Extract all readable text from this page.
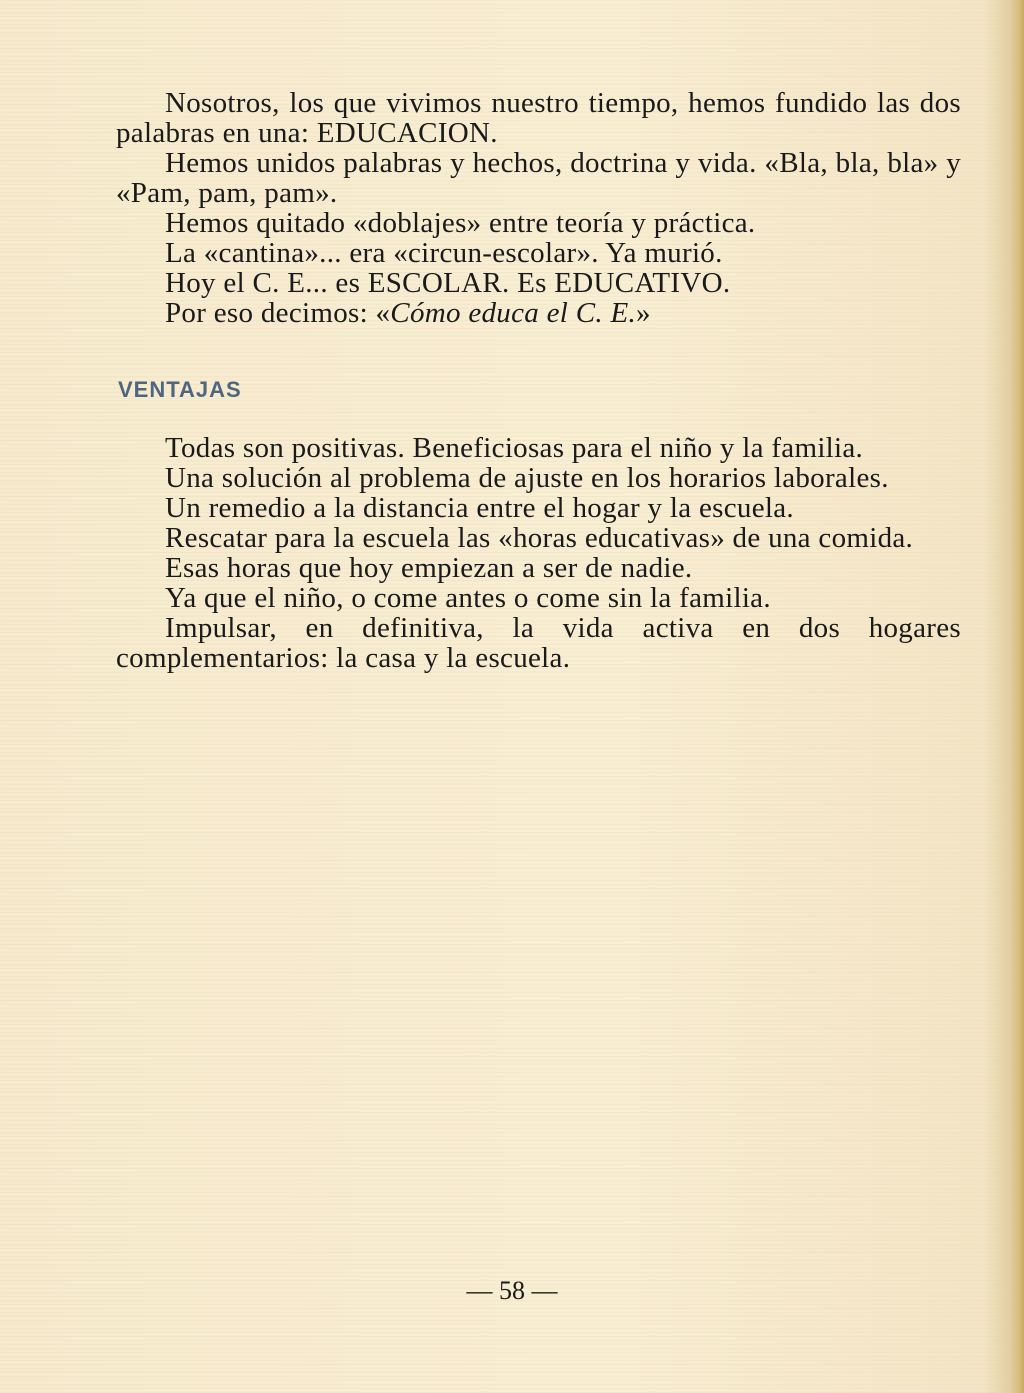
Nosotros, los que vivimos nuestro tiempo, hemos fundido las dos palabras en una: EDUCACION.

Hemos unidos palabras y hechos, doctrina y vida. «Bla, bla, bla» y «Pam, pam, pam».

Hemos quitado «doblajes» entre teoría y práctica.

La «cantina»... era «circun-escolar». Ya murió.

Hoy el C. E... es ESCOLAR. Es EDUCATIVO.

Por eso decimos: «Cómo educa el C. E.»

VENTAJAS

Todas son positivas. Beneficiosas para el niño y la familia.

Una solución al problema de ajuste en los horarios laborales.

Un remedio a la distancia entre el hogar y la escuela.

Rescatar para la escuela las «horas educativas» de una comida.

Esas horas que hoy empiezan a ser de nadie.

Ya que el niño, o come antes o come sin la familia.

Impulsar, en definitiva, la vida activa en dos hogares complementarios: la casa y la escuela.

— 58 —
